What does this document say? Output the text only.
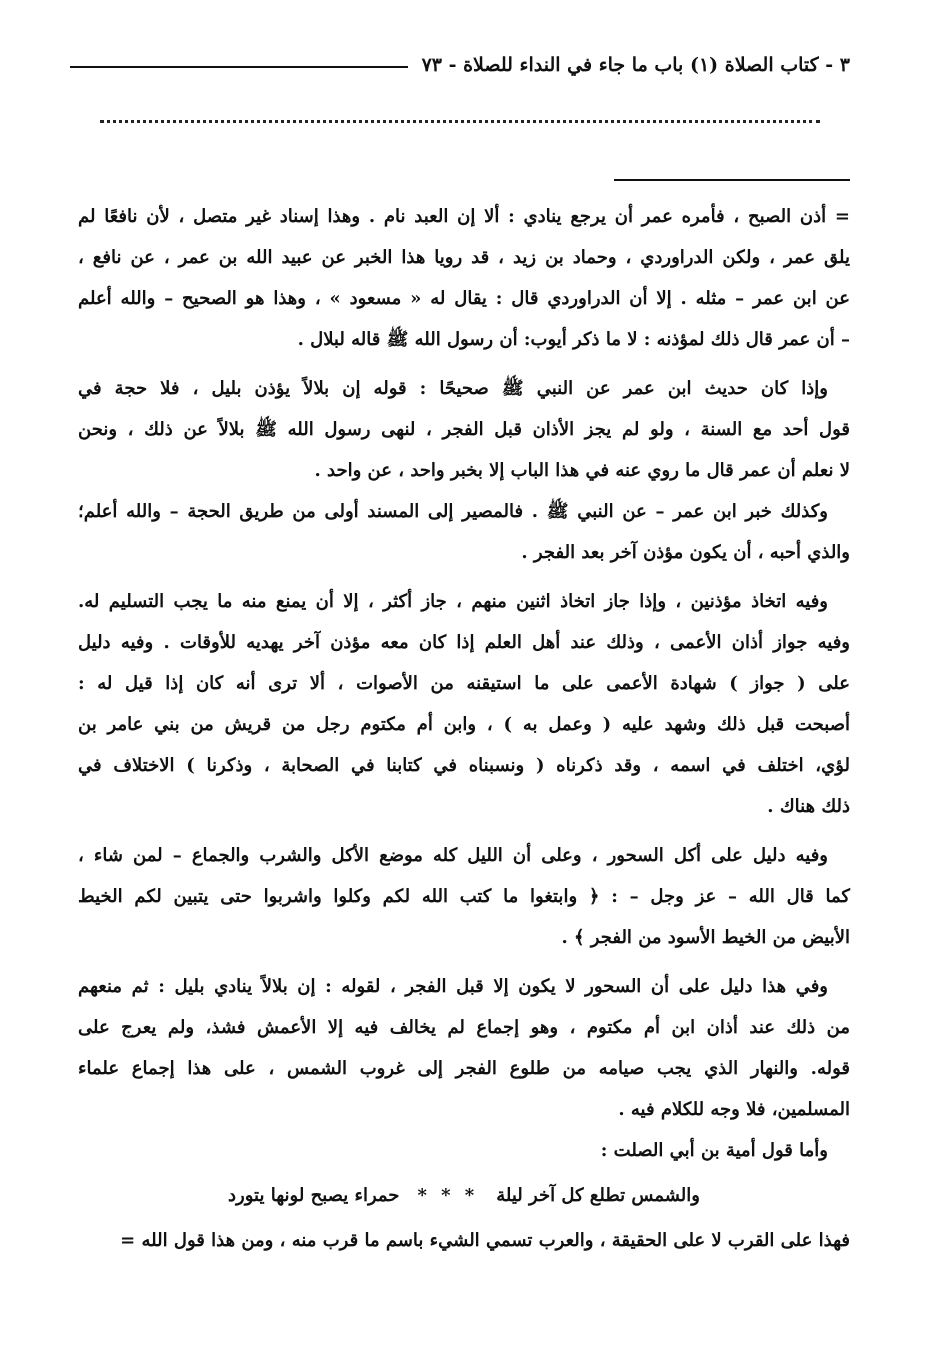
٣ - كتاب الصلاة (١) باب ما جاء في النداء للصلاة - ٧٣
= أذن الصبح ، فأمره عمر أن يرجع ينادي : ألا إن العبد نام . وهذا إسناد غير متصل ، لأن نافعًا لم
يلق عمر ، ولكن الدراوردي ، وحماد بن زيد ، قد رويا هذا الخبر عن عبيد الله بن عمر ، عن نافع ،
عن ابن عمر – مثله . إلا أن الدراوردي قال : يقال له « مسعود » ، وهذا هو الصحيح – والله أعلم
– أن عمر قال ذلك لمؤذنه : لا ما ذكر أيوب: أن رسول الله ﷺ قاله لبلال .
وإذا كان حديث ابن عمر عن النبي ﷺ صحيحًا : قوله إن بلالاً يؤذن بليل ، فلا حجة في
قول أحد مع السنة ، ولو لم يجز الأذان قبل الفجر ، لنهى رسول الله ﷺ بلالاً عن ذلك ، ونحن
لا نعلم أن عمر قال ما روي عنه في هذا الباب إلا بخبر واحد ، عن واحد .
وكذلك خبر ابن عمر – عن النبي ﷺ . فالمصير إلى المسند أولى من طريق الحجة – والله أعلم؛
والذي أحبه ، أن يكون مؤذن آخر بعد الفجر .
وفيه اتخاذ مؤذنين ، وإذا جاز اتخاذ اثنين منهم ، جاز أكثر ، إلا أن يمنع منه ما يجب التسليم له.
وفيه جواز أذان الأعمى ، وذلك عند أهل العلم إذا كان معه مؤذن آخر يهديه للأوقات . وفيه دليل
على ( جواز ) شهادة الأعمى على ما استيقنه من الأصوات ، ألا ترى أنه كان إذا قيل له :
أصبحت قبل ذلك وشهد عليه ( وعمل به ) ، وابن أم مكتوم رجل من قريش من بني عامر بن
لؤي، اختلف في اسمه ، وقد ذكرناه ( ونسبناه في كتابنا في الصحابة ، وذكرنا ) الاختلاف في
ذلك هناك .
وفيه دليل على أكل السحور ، وعلى أن الليل كله موضع الأكل والشرب والجماع – لمن شاء ،
كما قال الله – عز وجل – : ﴿ وابتغوا ما كتب الله لكم وكلوا واشربوا حتى يتبين لكم الخيط
الأبيض من الخيط الأسود من الفجر ﴾ .
وفي هذا دليل على أن السحور لا يكون إلا قبل الفجر ، لقوله : إن بلالاً ينادي بليل : ثم منعهم
من ذلك عند أذان ابن أم مكتوم ، وهو إجماع لم يخالف فيه إلا الأعمش فشذ، ولم يعرج على
قوله. والنهار الذي يجب صيامه من طلوع الفجر إلى غروب الشمس ، على هذا إجماع علماء
المسلمين، فلا وجه للكلام فيه .
وأما قول أمية بن أبي الصلت :
والشمس تطلع كل آخر ليلة
* * *
حمراء يصبح لونها يتورد
فهذا على القرب لا على الحقيقة ، والعرب تسمي الشيء باسم ما قرب منه ، ومن هذا قول الله =
